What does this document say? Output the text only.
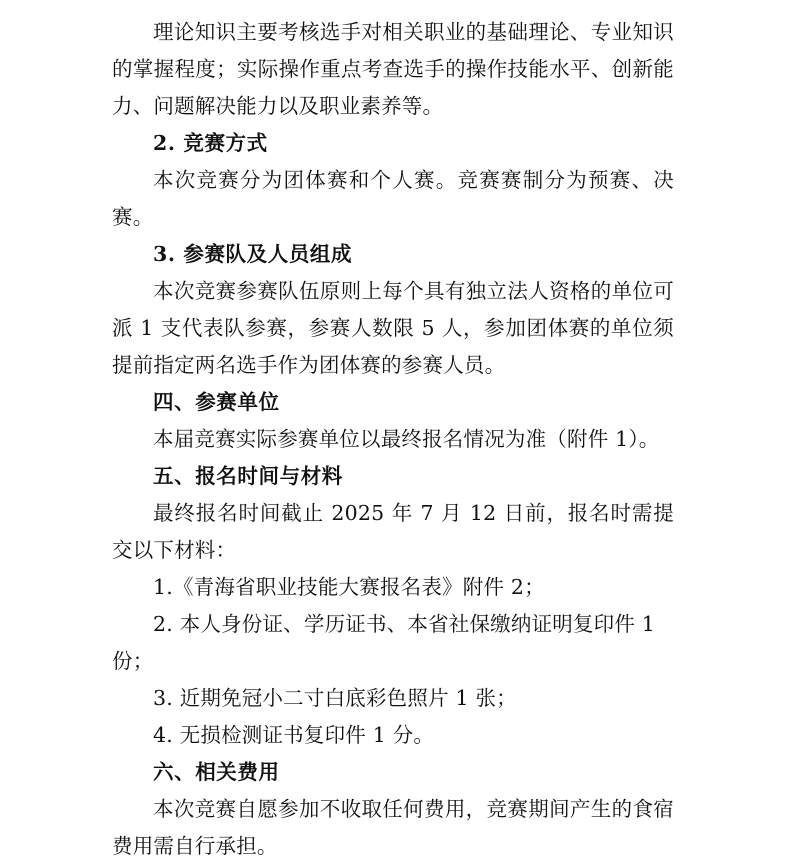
理论知识主要考核选手对相关职业的基础理论、专业知识的掌握程度；实际操作重点考查选手的操作技能水平、创新能力、问题解决能力以及职业素养等。

2. 竞赛方式

本次竞赛分为团体赛和个人赛。竞赛赛制分为预赛、决赛。

3. 参赛队及人员组成

本次竞赛参赛队伍原则上每个具有独立法人资格的单位可派 1 支代表队参赛，参赛人数限 5 人，参加团体赛的单位须提前指定两名选手作为团体赛的参赛人员。

四、参赛单位

本届竞赛实际参赛单位以最终报名情况为准（附件 1）。

五、报名时间与材料

最终报名时间截止 2025 年 7 月 12 日前，报名时需提交以下材料：

1.《青海省职业技能大赛报名表》附件 2；

2. 本人身份证、学历证书、本省社保缴纳证明复印件 1 份；

3. 近期免冠小二寸白底彩色照片 1 张；

4. 无损检测证书复印件 1 分。

六、相关费用

本次竞赛自愿参加不收取任何费用，竞赛期间产生的食宿费用需自行承担。
